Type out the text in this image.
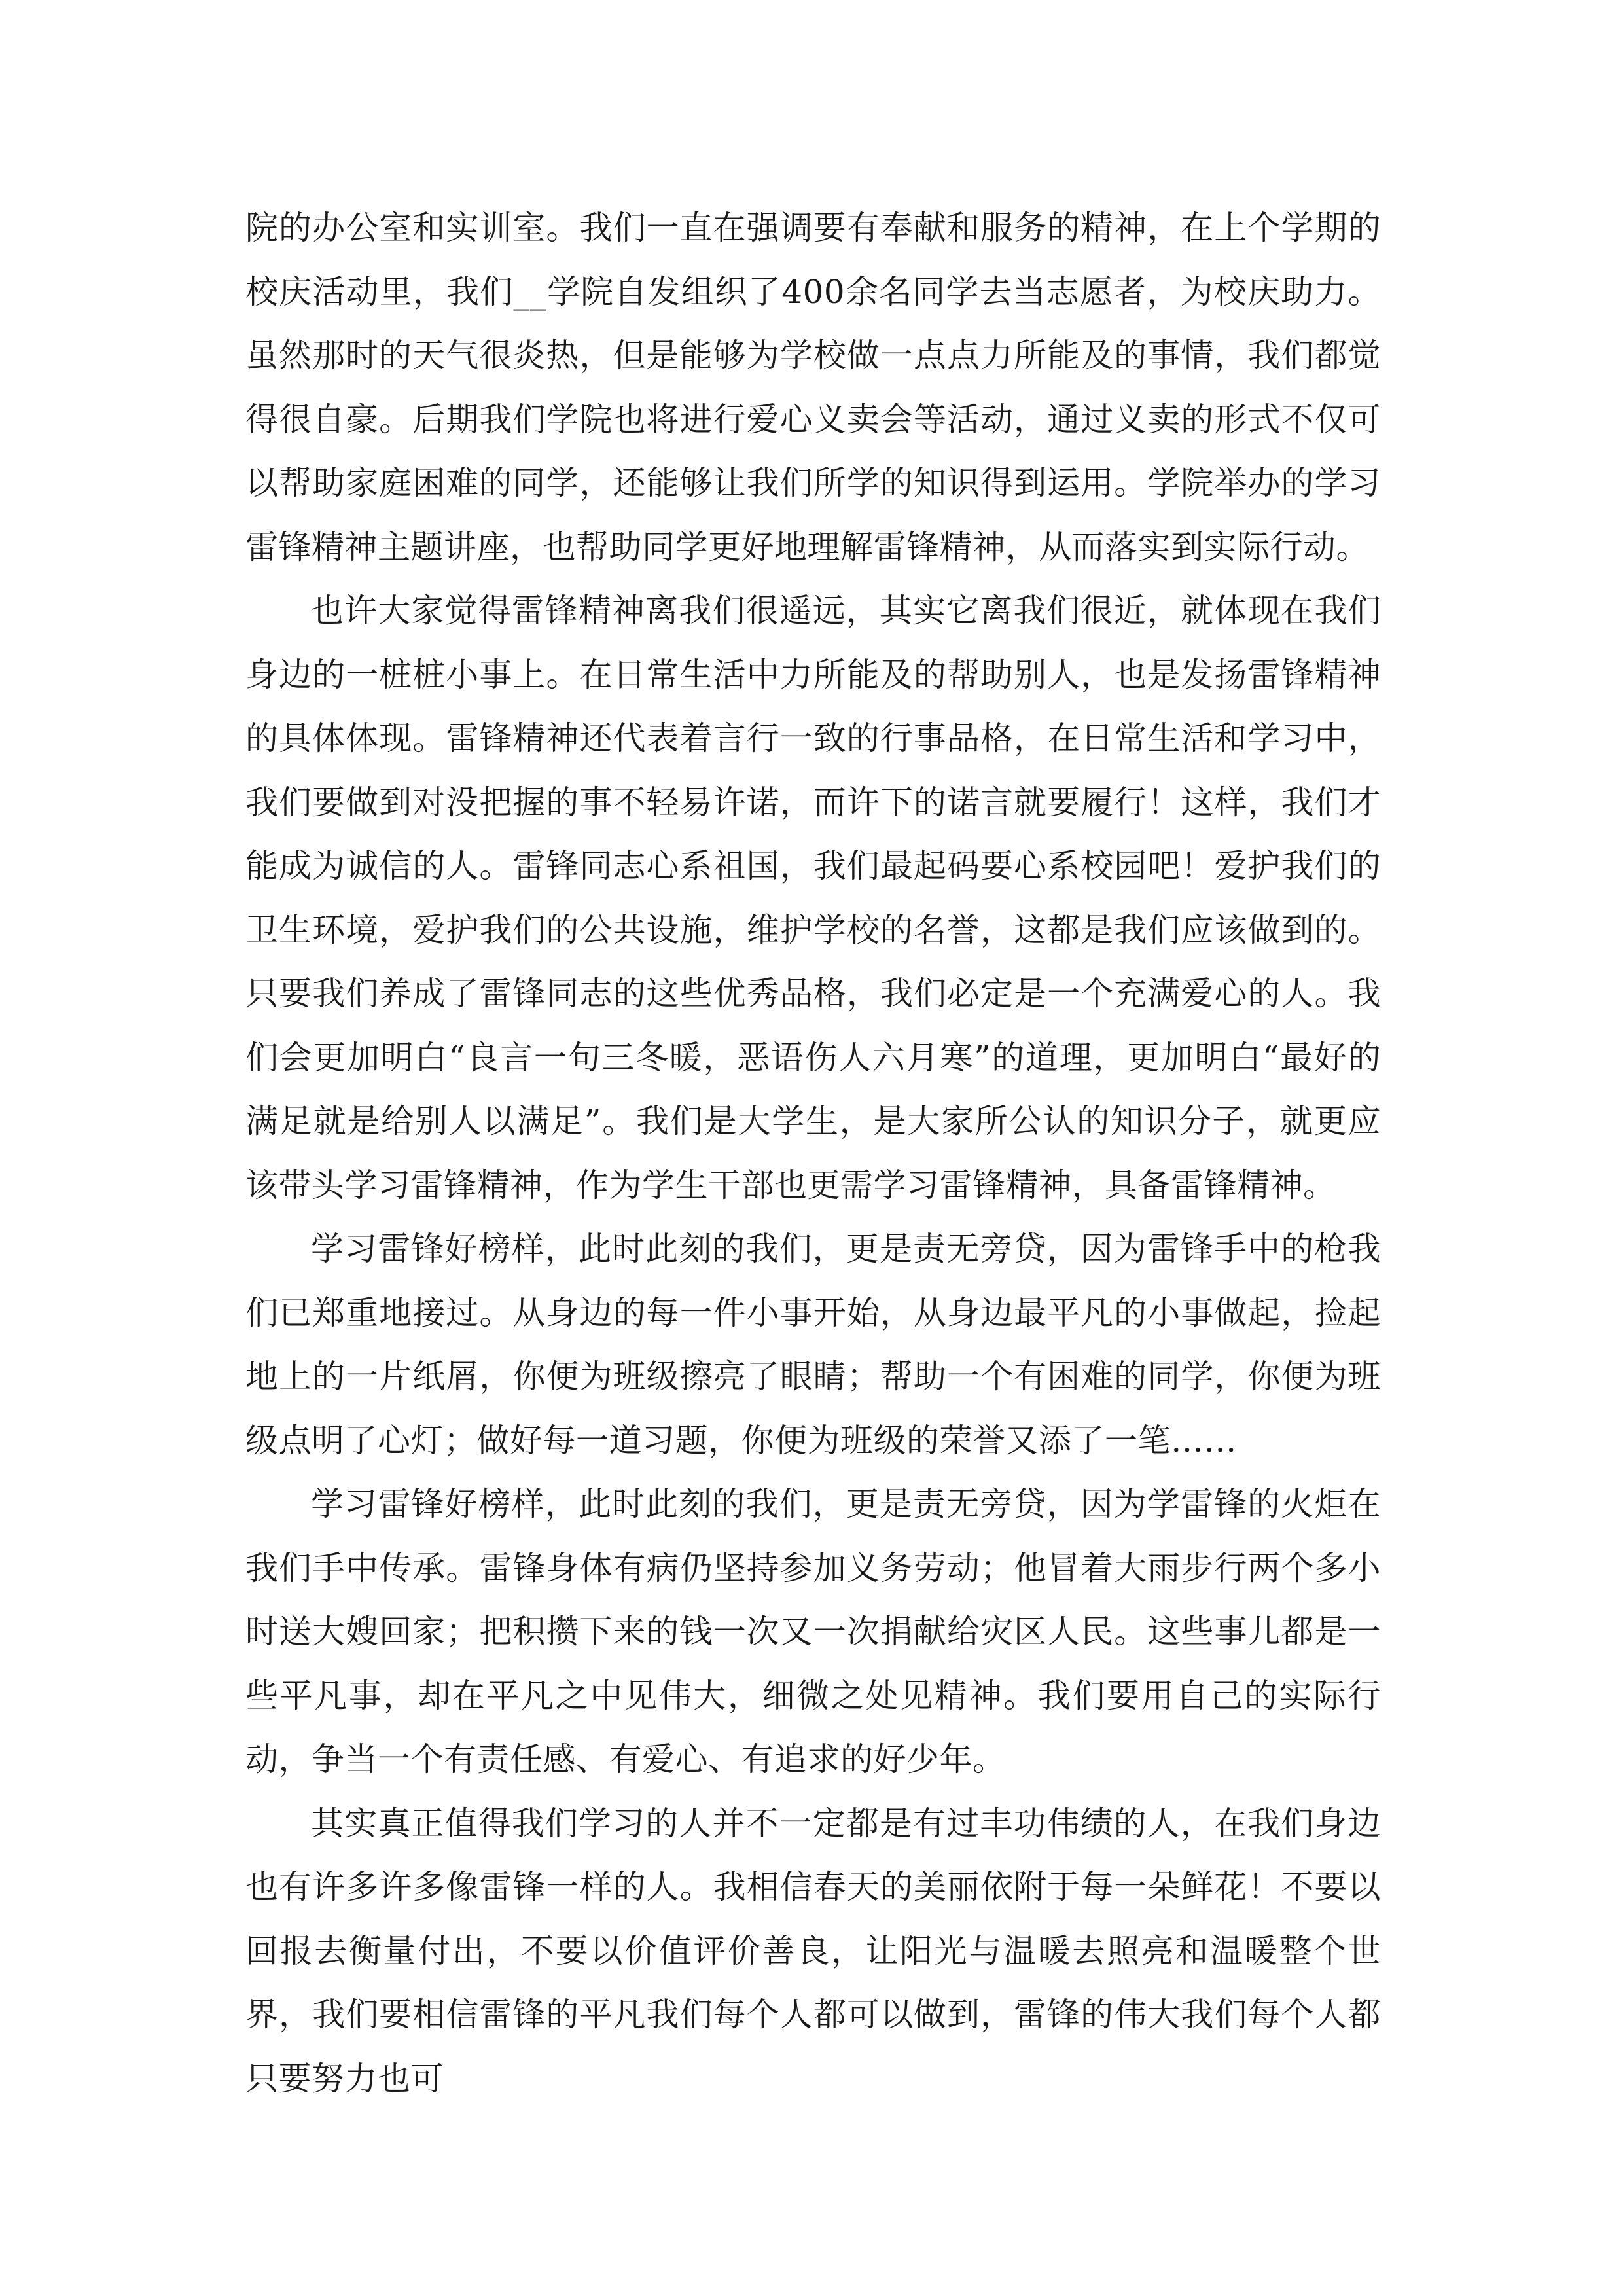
院的办公室和实训室。我们一直在强调要有奉献和服务的精神，在上个学期的校庆活动里，我们__学院自发组织了400余名同学去当志愿者，为校庆助力。虽然那时的天气很炎热，但是能够为学校做一点点力所能及的事情，我们都觉得很自豪。后期我们学院也将进行爱心义卖会等活动，通过义卖的形式不仅可以帮助家庭困难的同学，还能够让我们所学的知识得到运用。学院举办的学习雷锋精神主题讲座，也帮助同学更好地理解雷锋精神，从而落实到实际行动。

也许大家觉得雷锋精神离我们很遥远，其实它离我们很近，就体现在我们身边的一桩桩小事上。在日常生活中力所能及的帮助别人，也是发扬雷锋精神的具体体现。雷锋精神还代表着言行一致的行事品格，在日常生活和学习中，我们要做到对没把握的事不轻易许诺，而许下的诺言就要履行！这样，我们才能成为诚信的人。雷锋同志心系祖国，我们最起码要心系校园吧！爱护我们的卫生环境，爱护我们的公共设施，维护学校的名誉，这都是我们应该做到的。只要我们养成了雷锋同志的这些优秀品格，我们必定是一个充满爱心的人。我们会更加明白“良言一句三冬暖，恶语伤人六月寒”的道理，更加明白“最好的满足就是给别人以满足”。我们是大学生，是大家所公认的知识分子，就更应该带头学习雷锋精神，作为学生干部也更需学习雷锋精神，具备雷锋精神。

学习雷锋好榜样，此时此刻的我们，更是责无旁贷，因为雷锋手中的枪我们已郑重地接过。从身边的每一件小事开始，从身边最平凡的小事做起，捡起地上的一片纸屑，你便为班级擦亮了眼睛；帮助一个有困难的同学，你便为班级点明了心灯；做好每一道习题，你便为班级的荣誉又添了一笔……

学习雷锋好榜样，此时此刻的我们，更是责无旁贷，因为学雷锋的火炬在我们手中传承。雷锋身体有病仍坚持参加义务劳动；他冒着大雨步行两个多小时送大嫂回家；把积攒下来的钱一次又一次捐献给灾区人民。这些事儿都是一些平凡事，却在平凡之中见伟大，细微之处见精神。我们要用自己的实际行动，争当一个有责任感、有爱心、有追求的好少年。

其实真正值得我们学习的人并不一定都是有过丰功伟绩的人，在我们身边也有许多许多像雷锋一样的人。我相信春天的美丽依附于每一朵鲜花！不要以回报去衡量付出，不要以价值评价善良，让阳光与温暖去照亮和温暖整个世界，我们要相信雷锋的平凡我们每个人都可以做到，雷锋的伟大我们每个人都只要努力也可
